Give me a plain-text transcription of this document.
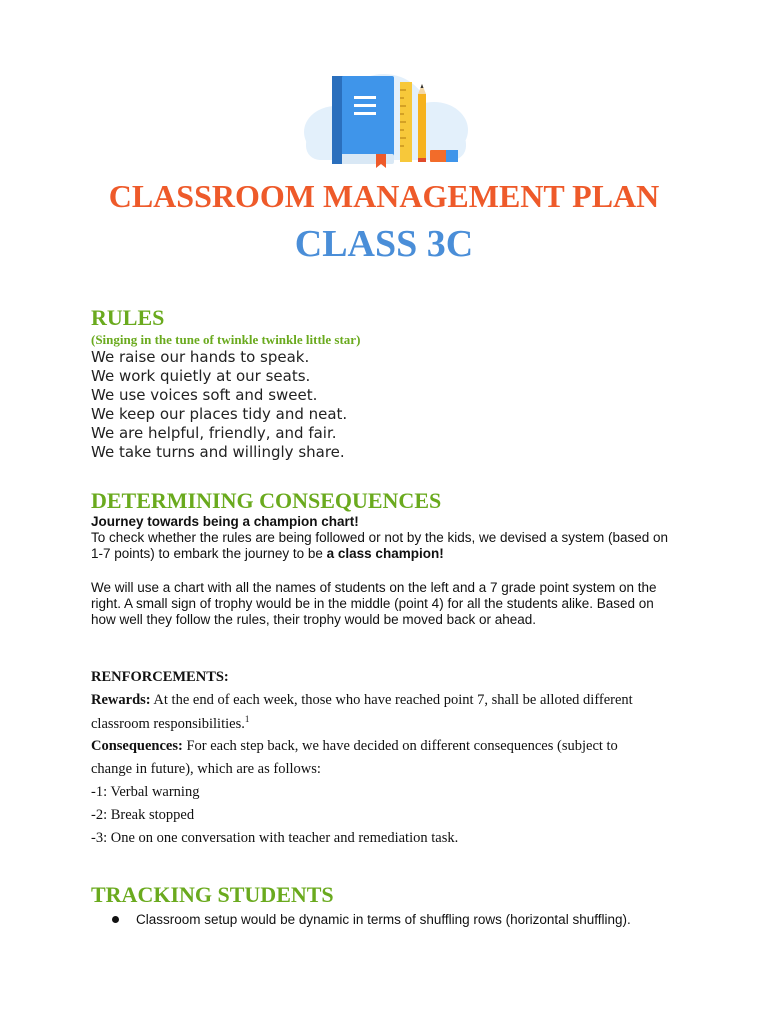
CLASSROOM MANAGEMENT PLAN
CLASS 3C
RULES
(Singing in the tune of twinkle twinkle little star)
We raise our hands to speak.
We work quietly at our seats.
We use voices soft and sweet.
We keep our places tidy and neat.
We are helpful, friendly, and fair.
We take turns and willingly share.
DETERMINING CONSEQUENCES
Journey towards being a champion chart!

To check whether the rules are being followed or not by the kids, we devised a system (based on 1-7 points) to embark the journey to be a class champion!

We will use a chart with all the names of students on the left and a 7 grade point system on the right. A small sign of trophy would be in the middle (point 4) for all the students alike. Based on how well they follow the rules, their trophy would be moved back or ahead.

RENFORCEMENTS:
Rewards: At the end of each week, those who have reached point 7, shall be alloted different
classroom responsibilities.$^1$
Consequences: For each step back, we have decided on different consequences (subject to
change in future), which are as follows:
-1: Verbal warning
-2: Break stopped
-3: One on one conversation with teacher and remediation task.
TRACKING STUDENTS
Classroom setup would be dynamic in terms of shuffling rows (horizontal shuffling).
